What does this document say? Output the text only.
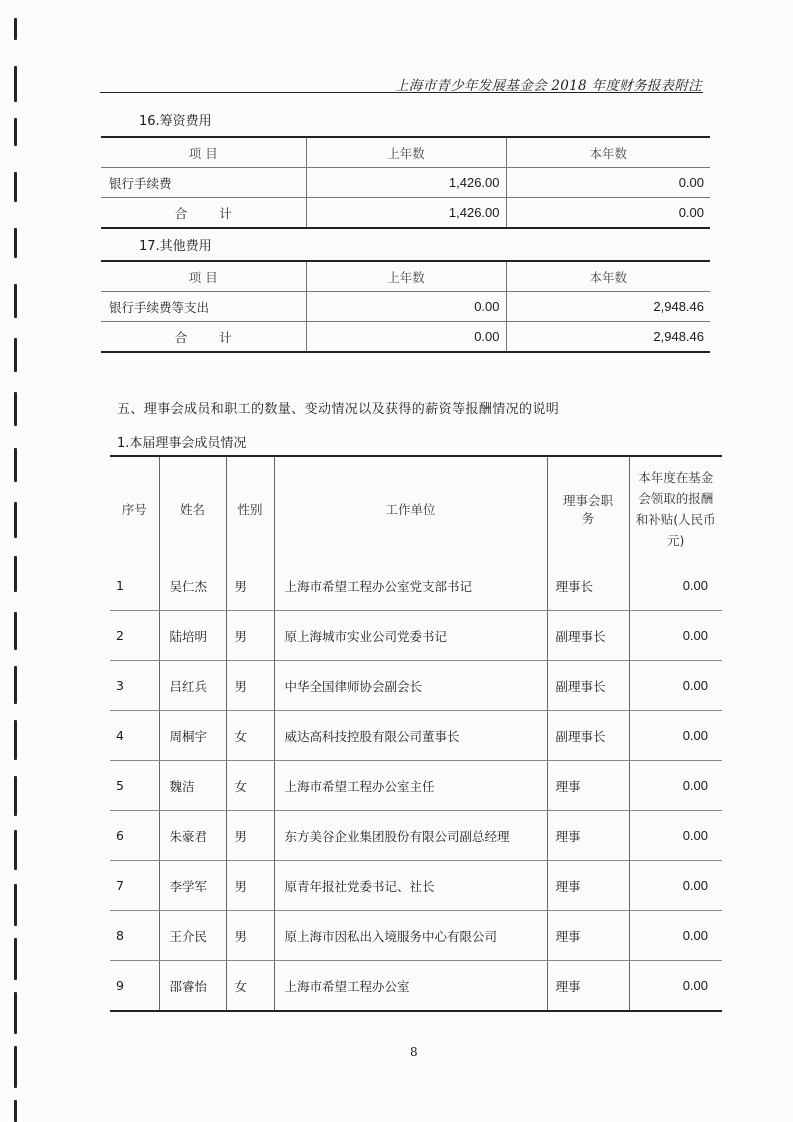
上海市青少年发展基金会 2018 年度财务报表附注
16.筹资费用
项 目	上年数	本年数
银行手续费	1,426.00	0.00
合 计	1,426.00	0.00
17.其他费用
项 目	上年数	本年数
银行手续费等支出	0.00	2,948.46
合 计	0.00	2,948.46
五、理事会成员和职工的数量、变动情况以及获得的薪资等报酬情况的说明
1.本届理事会成员情况
序号	姓名	性别	工作单位	理事会职务	本年度在基金会领取的报酬和补贴(人民币元)
1	吴仁杰	男	上海市希望工程办公室党支部书记	理事长	0.00
2	陆培明	男	原上海城市实业公司党委书记	副理事长	0.00
3	吕红兵	男	中华全国律师协会副会长	副理事长	0.00
4	周桐宇	女	威达高科技控股有限公司董事长	副理事长	0.00
5	魏洁	女	上海市希望工程办公室主任	理事	0.00
6	朱豪君	男	东方美谷企业集团股份有限公司副总经理	理事	0.00
7	李学军	男	原青年报社党委书记、社长	理事	0.00
8	王介民	男	原上海市因私出入境服务中心有限公司	理事	0.00
9	邵睿怡	女	上海市希望工程办公室	理事	0.00
8
